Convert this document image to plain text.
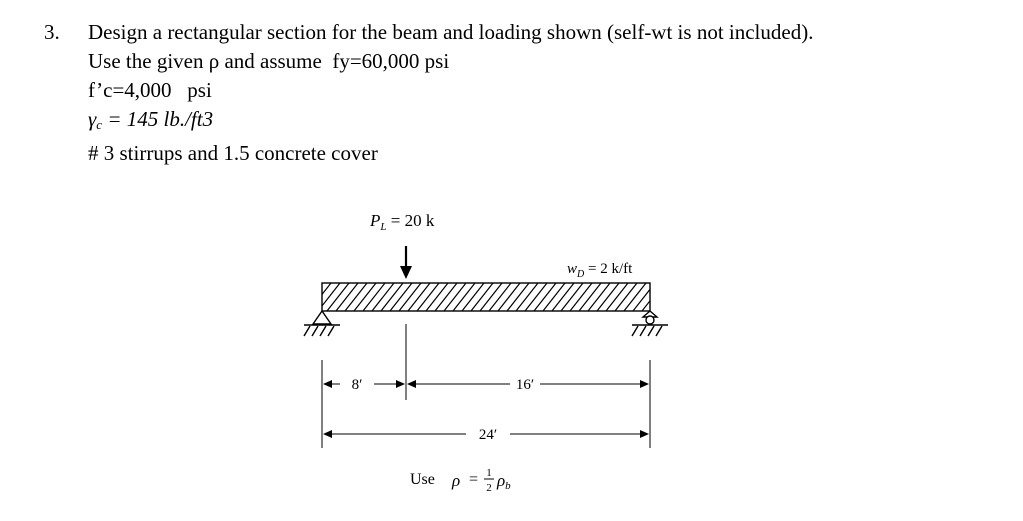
3. Design a rectangular section for the beam and loading shown (self-wt is not included).
Use the given ρ and assume  fy=60,000 psi
f’c=4,000   psi
γc = 145 lb./ft3
# 3 stirrups and 1.5 concrete cover
$P_L = 20$ k
$w_D = 2$ k/ft
8′	16′
24′
Use ρ = 1
2 ρb
